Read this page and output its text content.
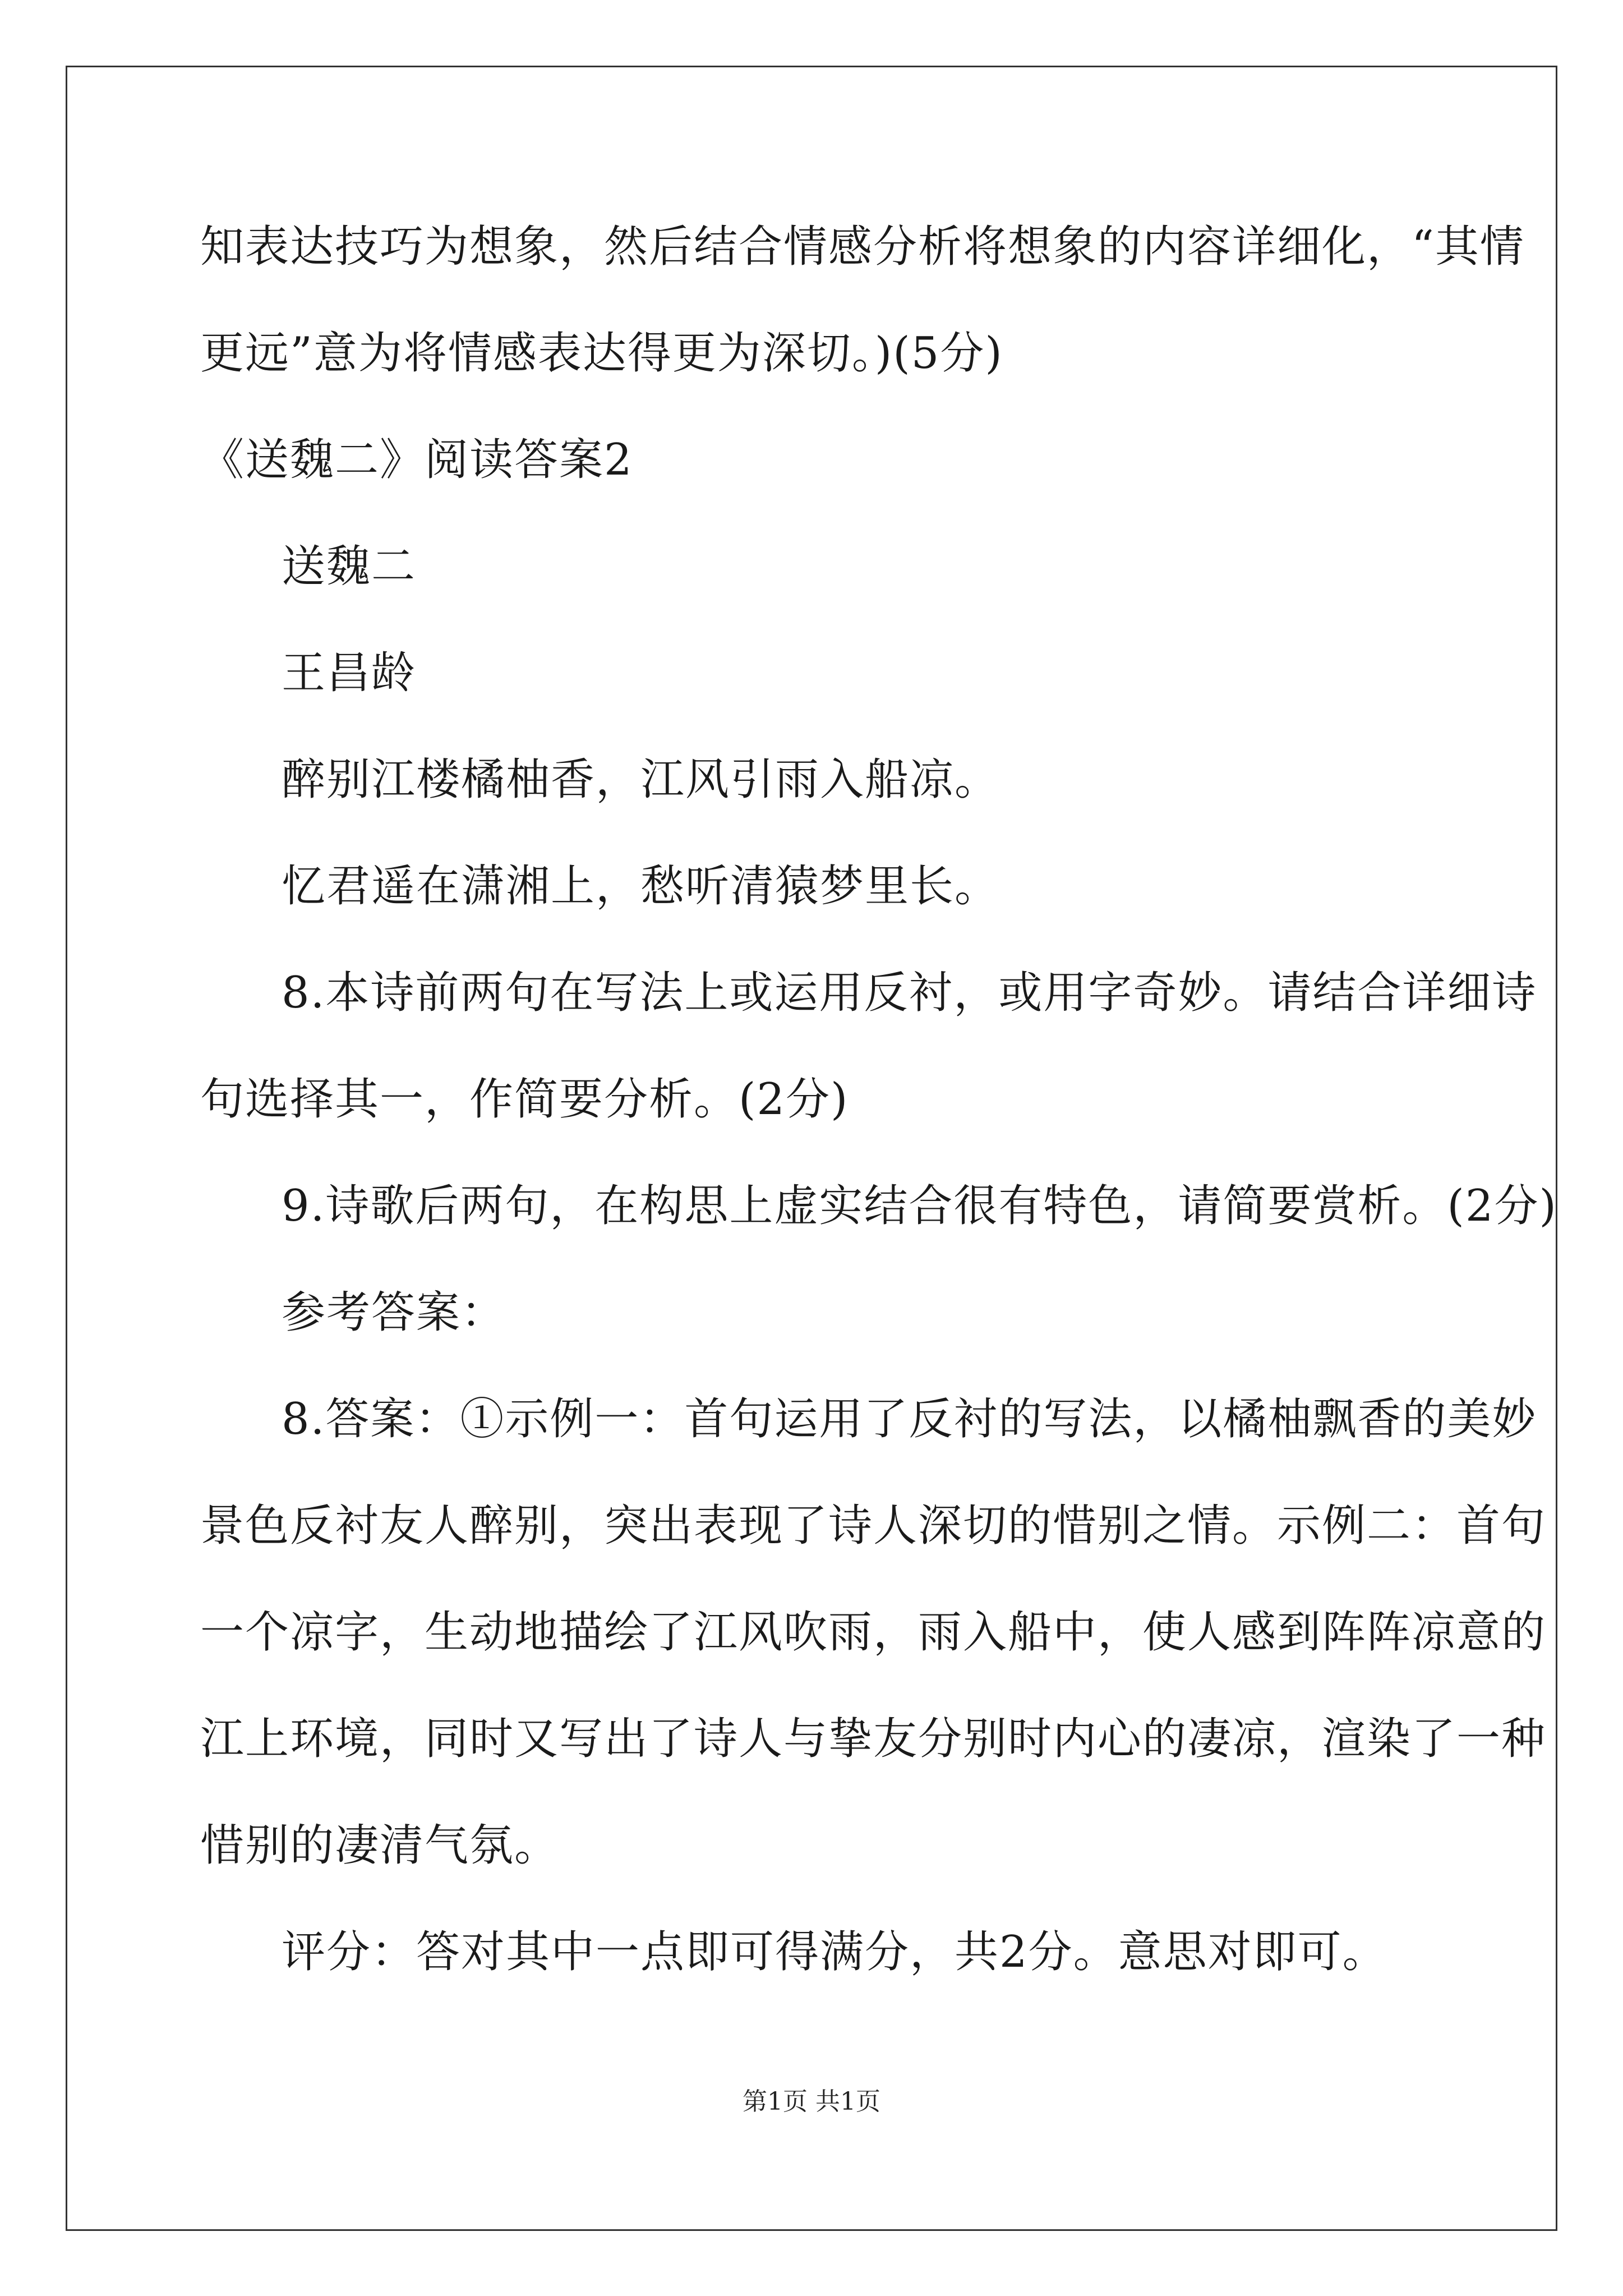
知表达技巧为想象，然后结合情感分析将想象的内容详细化，“其情
更远”意为将情感表达得更为深切。)(5分)
《送魏二》阅读答案2
送魏二
王昌龄
醉别江楼橘柚香，江风引雨入船凉。
忆君遥在潇湘上，愁听清猿梦里长。
8.本诗前两句在写法上或运用反衬，或用字奇妙。请结合详细诗
句选择其一，作简要分析。(2分)
9.诗歌后两句，在构思上虚实结合很有特色，请简要赏析。(2分)
参考答案：
8.答案：①示例一：首句运用了反衬的写法，以橘柚飘香的美妙
景色反衬友人醉别，突出表现了诗人深切的惜别之情。示例二：首句
一个凉字，生动地描绘了江风吹雨，雨入船中，使人感到阵阵凉意的
江上环境，同时又写出了诗人与挚友分别时内心的凄凉，渲染了一种
惜别的凄清气氛。
评分：答对其中一点即可得满分，共2分。意思对即可。
第1页 共1页
